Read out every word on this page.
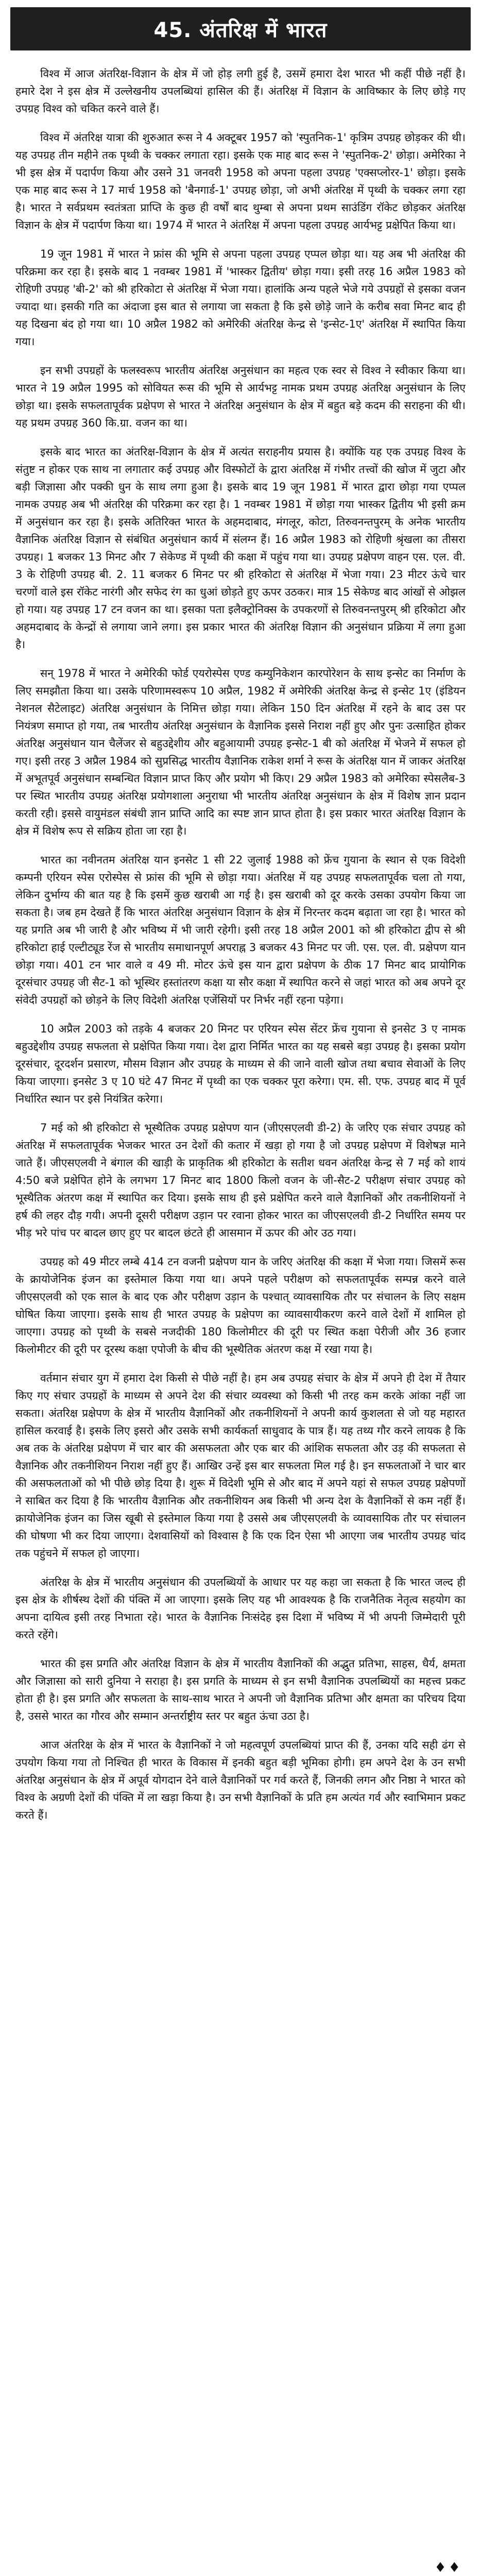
45. अंतरिक्ष में भारत

विश्व में आज अंतरिक्ष-विज्ञान के क्षेत्र में जो होड़ लगी हुई है, उसमें हमारा देश भारत भी कहीं पीछे नहीं है। हमारे देश ने इस क्षेत्र में उल्लेखनीय उपलब्धियां हासिल की हैं। अंतरिक्ष में विज्ञान के आविष्कार के लिए छोड़े गए उपग्रह विश्व को चकित करने वाले हैं।

विश्व में अंतरिक्ष यात्रा की शुरुआत रूस ने 4 अक्टूबर 1957 को 'स्पुतनिक-1' कृत्रिम उपग्रह छोड़कर की थी। यह उपग्रह तीन महीने तक पृथ्वी के चक्कर लगाता रहा। इसके एक माह बाद रूस ने 'स्पुतनिक-2' छोड़ा। अमेरिका ने भी इस क्षेत्र में पदार्पण किया और उसने 31 जनवरी 1958 को अपना पहला उपग्रह 'एक्सप्लोरर-1' छोड़ा। इसके एक माह बाद रूस ने 17 मार्च 1958 को 'बैनगार्ड-1' उपग्रह छोड़ा, जो अभी अंतरिक्ष में पृथ्वी के चक्कर लगा रहा है। भारत ने सर्वप्रथम स्वतंत्रता प्राप्ति के कुछ ही वर्षों बाद थुम्बा से अपना प्रथम साउंडिंग रॉकेट छोड़कर अंतरिक्ष विज्ञान के क्षेत्र में पदार्पण किया था। 1974 में भारत ने अंतरिक्ष में अपना पहला उपग्रह आर्यभट्ट प्रक्षेपित किया था।

19 जून 1981 में भारत ने फ्रांस की भूमि से अपना पहला उपग्रह एप्पल छोड़ा था। यह अब भी अंतरिक्ष की परिक्रमा कर रहा है। इसके बाद 1 नवम्बर 1981 में 'भास्कर द्वितीय' छोड़ा गया। इसी तरह 16 अप्रैल 1983 को रोहिणी उपग्रह 'बी-2' को श्री हरिकोटा से अंतरिक्ष में भेजा गया। हालांकि अन्य पहले भेजे गये उपग्रहों से इसका वजन ज्यादा था। इसकी गति का अंदाजा इस बात से लगाया जा सकता है कि इसे छोड़े जाने के करीब सवा मिनट बाद ही यह दिखना बंद हो गया था। 10 अप्रैल 1982 को अमेरिकी अंतरिक्ष केन्द्र से 'इन्सेट-1ए' अंतरिक्ष में स्थापित किया गया।

इन सभी उपग्रहों के फलस्वरूप भारतीय अंतरिक्ष अनुसंधान का महत्व एक स्वर से विश्व ने स्वीकार किया था। भारत ने 19 अप्रैल 1995 को सोवियत रूस की भूमि से आर्यभट्ट नामक प्रथम उपग्रह अंतरिक्ष अनुसंधान के लिए छोड़ा था। इसके सफलतापूर्वक प्रक्षेपण से भारत ने अंतरिक्ष अनुसंधान के क्षेत्र में बहुत बड़े कदम की सराहना की थी। यह प्रथम उपग्रह 360 कि.ग्रा. वजन का था।

इसके बाद भारत का अंतरिक्ष-विज्ञान के क्षेत्र में अत्यंत सराहनीय प्रयास है। क्योंकि यह एक उपग्रह विश्व के संतुष्ट न होकर एक साथ ना लगातार कई उपग्रह और विस्फोटों के द्वारा अंतरिक्ष में गंभीर तत्त्वों की खोज में जुटा और बड़ी जिज्ञासा और पक्की धुन के साथ लगा हुआ है। इसके बाद 19 जून 1981 में भारत द्वारा छोड़ा गया एप्पल नामक उपग्रह अब भी अंतरिक्ष की परिक्रमा कर रहा है। 1 नवम्बर 1981 में छोड़ा गया भास्कर द्वितीय भी इसी क्रम में अनुसंधान कर रहा है। इसके अतिरिक्त भारत के अहमदाबाद, मंगलूर, कोटा, तिरुवनन्तपुरम् के अनेक भारतीय वैज्ञानिक अंतरिक्ष विज्ञान से संबंधित अनुसंधान कार्य में संलग्न हैं। 16 अप्रैल 1983 को रोहिणी श्रृंखला का तीसरा उपग्रह। 1 बजकर 13 मिनट और 7 सेकेण्ड में पृथ्वी की कक्षा में पहुंच गया था। उपग्रह प्रक्षेपण वाहन एस. एल. वी. 3 के रोहिणी उपग्रह बी. 2. 11 बजकर 6 मिनट पर श्री हरिकोटा से अंतरिक्ष में भेजा गया। 23 मीटर ऊंचे चार चरणों वाले इस रॉकेट नारंगी और सफेद रंग का धुआं छोड़ते हुए ऊपर उठकर। मात्र 15 सेकेण्ड बाद आंखों से ओझल हो गया। यह उपग्रह 17 टन वजन का था। इसका पता इलैक्ट्रोनिक्स के उपकरणों से तिरुवनन्तपुरम् श्री हरिकोटा और अहमदाबाद के केन्द्रों से लगाया जाने लगा। इस प्रकार भारत की अंतरिक्ष विज्ञान की अनुसंधान प्रक्रिया में लगा हुआ है।

सन् 1978 में भारत ने अमेरिकी फोर्ड एयरोस्पेस एण्ड कम्युनिकेशन कारपोरेशन के साथ इन्सेट का निर्माण के लिए समझौता किया था। उसके परिणामस्वरूप 10 अप्रैल, 1982 में अमेरिकी अंतरिक्ष केन्द्र से इन्सेट 1ए (इंडियन नेशनल सैटेलाइट) अंतरिक्ष अनुसंधान के निमित्त छोड़ा गया। लेकिन 150 दिन अंतरिक्ष में रहने के बाद उस पर नियंत्रण समाप्त हो गया, तब भारतीय अंतरिक्ष अनुसंधान के वैज्ञानिक इससे निराश नहीं हुए और पुनः उत्साहित होकर अंतरिक्ष अनुसंधान यान चैलेंजर से बहुउद्देशीय और बहुआयामी उपग्रह इन्सेट-1 बी को अंतरिक्ष में भेजने में सफल हो गए। इसी तरह 3 अप्रैल 1984 को सुप्रसिद्ध भारतीय वैज्ञानिक राकेश शर्मा ने रूस के अंतरिक्ष यान में जाकर अंतरिक्ष में अभूतपूर्व अनुसंधान सम्बन्धित विज्ञान प्राप्त किए और प्रयोग भी किए। 29 अप्रैल 1983 को अमेरिका स्पेसलैब-3 पर स्थित भारतीय उपग्रह अंतरिक्ष प्रयोगशाला अनुराधा भी भारतीय अंतरिक्ष अनुसंधान के क्षेत्र में विशेष ज्ञान प्रदान करती रही। इससे वायुमंडल संबंधी ज्ञान प्राप्ति आदि का स्पष्ट ज्ञान प्राप्त होता है। इस प्रकार भारत अंतरिक्ष विज्ञान के क्षेत्र में विशेष रूप से सक्रिय होता जा रहा है।

भारत का नवीनतम अंतरिक्ष यान इनसेट 1 सी 22 जुलाई 1988 को फ्रेंच गुयाना के स्थान से एक विदेशी कम्पनी एरियन स्पेस एरोस्पेस से फ्रांस की भूमि से छोड़ा गया। अंतरिक्ष में यह उपग्रह सफलतापूर्वक चला तो गया, लेकिन दुर्भाग्य की बात यह है कि इसमें कुछ खराबी आ गई है। इस खराबी को दूर करके उसका उपयोग किया जा सकता है। जब हम देखते हैं कि भारत अंतरिक्ष अनुसंधान विज्ञान के क्षेत्र में निरन्तर कदम बढ़ाता जा रहा है। भारत को यह प्रगति अब भी जारी है और भविष्य में भी जारी रहेगी। इसी तरह 18 अप्रैल 2001 को श्री हरिकोटा द्वीप से श्री हरिकोटा हाई एल्टीट्यूड रेंज से भारतीय समाधानपूर्ण अपराह्न 3 बजकर 43 मिनट पर जी. एस. एल. वी. प्रक्षेपण यान छोड़ा गया। 401 टन भार वाले व 49 मी. मोटर ऊंचे इस यान द्वारा प्रक्षेपण के ठीक 17 मिनट बाद प्रायोगिक दूरसंचार उपग्रह जी सैट-1 को भूस्थिर हस्तांतरण कक्षा या सौर कक्षा में स्थापित करने से जहां भारत को अब अपने दूर संवेदी उपग्रहों को छोड़ने के लिए विदेशी अंतरिक्ष एजेंसियों पर निर्भर नहीं रहना पड़ेगा।

10 अप्रैल 2003 को तड़के 4 बजकर 20 मिनट पर एरियन स्पेस सेंटर फ्रेंच गुयाना से इनसेट 3 ए नामक बहुउद्देशीय उपग्रह सफलता से प्रक्षेपित किया गया। देश द्वारा निर्मित भारत का यह सबसे बड़ा उपग्रह है। इसका प्रयोग दूरसंचार, दूरदर्शन प्रसारण, मौसम विज्ञान और उपग्रह के माध्यम से की जाने वाली खोज तथा बचाव सेवाओं के लिए किया जाएगा। इनसेट 3 ए 10 घंटे 47 मिनट में पृथ्वी का एक चक्कर पूरा करेगा। एम. सी. एफ. उपग्रह बाद में पूर्व निर्धारित स्थान पर इसे नियंत्रित करेगा।

7 मई को श्री हरिकोटा से भूस्थैतिक उपग्रह प्रक्षेपण यान (जीएसएलवी डी-2) के जरिए एक संचार उपग्रह को अंतरिक्ष में सफलतापूर्वक भेजकर भारत उन देशों की कतार में खड़ा हो गया है जो उपग्रह प्रक्षेपण में विशेषज्ञ माने जाते हैं। जीएसएलवी ने बंगाल की खाड़ी के प्राकृतिक श्री हरिकोटा के सतीश धवन अंतरिक्ष केन्द्र से 7 मई को शायं 4:50 बजे प्रक्षेपित होने के लगभग 17 मिनट बाद 1800 किलो वजन के जी-सैट-2 परीक्षण संचार उपग्रह को भूस्थैतिक अंतरण कक्ष में स्थापित कर दिया। इसके साथ ही इसे प्रक्षेपित करने वाले वैज्ञानिकों और तकनीशियनों ने हर्ष की लहर दौड़ गयी। अपनी दूसरी परीक्षण उड़ान पर रवाना होकर भारत का जीएसएलवी डी-2 निर्धारित समय पर भीड़ भरे पांच पर बादल छाए हुए पर बादल छंटते ही आसमान में ऊपर की ओर उठ गया।

उपग्रह को 49 मीटर लम्बे 414 टन वजनी प्रक्षेपण यान के जरिए अंतरिक्ष की कक्षा में भेजा गया। जिसमें रूस के क्रायोजेनिक इंजन का इस्तेमाल किया गया था। अपने पहले परीक्षण को सफलतापूर्वक सम्पन्न करने वाले जीएसएलवी को एक साल के बाद एक और परीक्षण उड़ान के पश्चात् व्यावसायिक तौर पर संचालन के लिए सक्षम घोषित किया जाएगा। इसके साथ ही भारत उपग्रह के प्रक्षेपण का व्यावसायीकरण करने वाले देशों में शामिल हो जाएगा। उपग्रह को पृथ्वी के सबसे नजदीकी 180 किलोमीटर की दूरी पर स्थित कक्षा पेरीजी और 36 हजार किलोमीटर की दूरी पर दूरस्थ कक्षा एपोजी के बीच की भूस्थैतिक अंतरण कक्ष में रखा गया है।

वर्तमान संचार युग में हमारा देश किसी से पीछे नहीं है। हम अब उपग्रह संचार के क्षेत्र में अपने ही देश में तैयार किए गए संचार उपग्रहों के माध्यम से अपने देश की संचार व्यवस्था को किसी भी तरह कम करके आंका नहीं जा सकता। अंतरिक्ष प्रक्षेपण के क्षेत्र में भारतीय वैज्ञानिकों और तकनीशियनों ने अपनी कार्य कुशलता से जो यह महारत हासिल करवाई है। इसके लिए इसरो और उसके सभी कार्यकर्ता साधुवाद के पात्र हैं। यह तथ्य गौर करने लायक है कि अब तक के अंतरिक्ष प्रक्षेपण में चार बार की असफलता और एक बार की आंशिक सफलता और उड़ की सफलता से वैज्ञानिक और तकनीशियन निराश नहीं हुए हैं। आखिर उन्हें इस बार सफलता मिल गई है। इन सफलताओं ने चार बार की असफलताओं को भी पीछे छोड़ दिया है। शुरू में विदेशी भूमि से और बाद में अपने यहां से सफल उपग्रह प्रक्षेपणों ने साबित कर दिया है कि भारतीय वैज्ञानिक और तकनीशियन अब किसी भी अन्य देश के वैज्ञानिकों से कम नहीं हैं। क्रायोजेनिक इंजन का जिस खूबी से इस्तेमाल किया गया है उससे अब जीएसएलवी के व्यावसायिक तौर पर संचालन की घोषणा भी कर दिया जाएगा। देशवासियों को विश्वास है कि एक दिन ऐसा भी आएगा जब भारतीय उपग्रह चांद तक पहुंचने में सफल हो जाएगा।

अंतरिक्ष के क्षेत्र में भारतीय अनुसंधान की उपलब्धियों के आधार पर यह कहा जा सकता है कि भारत जल्द ही इस क्षेत्र के शीर्षस्थ देशों की पंक्ति में आ जाएगा। इसके लिए यह भी आवश्यक है कि राजनैतिक नेतृत्व सहयोग का अपना दायित्व इसी तरह निभाता रहे। भारत के वैज्ञानिक निःसंदेह इस दिशा में भविष्य में भी अपनी जिम्मेदारी पूरी करते रहेंगे।

भारत की इस प्रगति और अंतरिक्ष विज्ञान के क्षेत्र में भारतीय वैज्ञानिकों की अद्भुत प्रतिभा, साहस, धैर्य, क्षमता और जिज्ञासा को सारी दुनिया ने सराहा है। इस प्रगति के माध्यम से इन सभी वैज्ञानिक उपलब्धियों का महत्त्व प्रकट होता ही है। इस प्रगति और सफलता के साथ-साथ भारत ने अपनी जो वैज्ञानिक प्रतिभा और क्षमता का परिचय दिया है, उससे भारत का गौरव और सम्मान अन्तर्राष्ट्रीय स्तर पर बहुत ऊंचा उठा है।

आज अंतरिक्ष के क्षेत्र में भारत के वैज्ञानिकों ने जो महत्वपूर्ण उपलब्धियां प्राप्त की हैं, उनका यदि सही ढंग से उपयोग किया गया तो निश्चित ही भारत के विकास में इनकी बहुत बड़ी भूमिका होगी। हम अपने देश के उन सभी अंतरिक्ष अनुसंधान के क्षेत्र में अपूर्व योगदान देने वाले वैज्ञानिकों पर गर्व करते हैं, जिनकी लगन और निष्ठा ने भारत को विश्व के अग्रणी देशों की पंक्ति में ला खड़ा किया है। उन सभी वैज्ञानिकों के प्रति हम अत्यंत गर्व और स्वाभिमान प्रकट करते हैं।

♦♦
